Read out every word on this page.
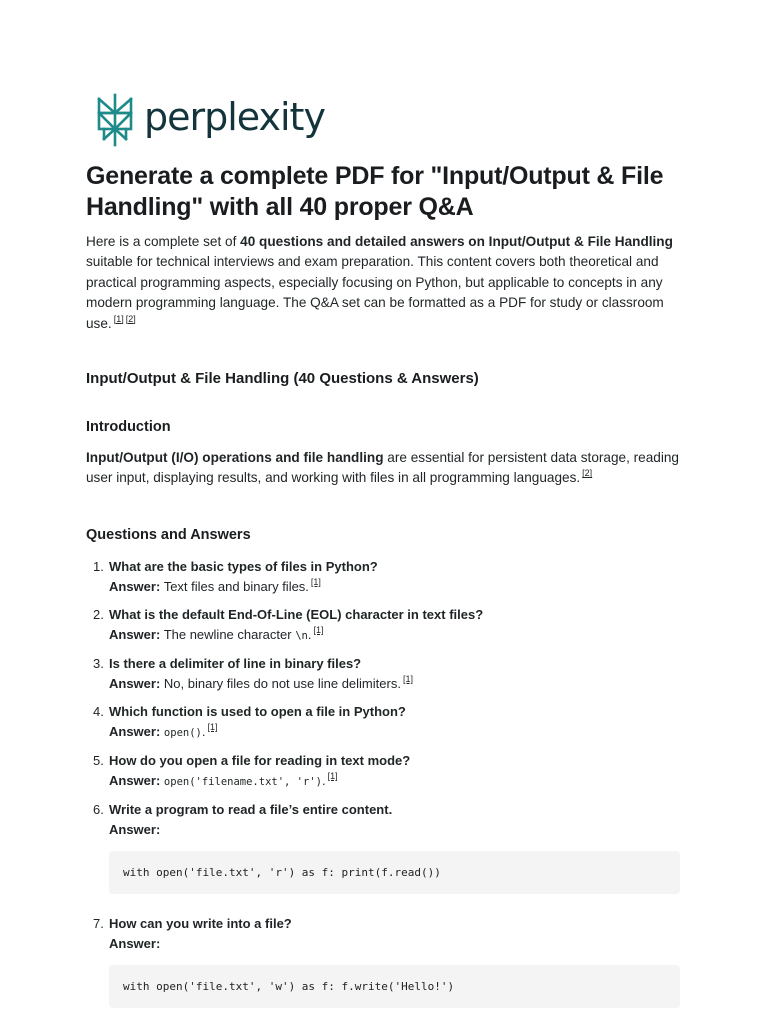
perplexity
Generate a complete PDF for "Input/Output & File Handling" with all 40 proper Q&A

Here is a complete set of 40 questions and detailed answers on Input/Output & File Handling suitable for technical interviews and exam preparation. This content covers both theoretical and practical programming aspects, especially focusing on Python, but applicable to concepts in any modern programming language. The Q&A set can be formatted as a PDF for study or classroom use. [1] [2]

Input/Output & File Handling (40 Questions & Answers)
Introduction

Input/Output (I/O) operations and file handling are essential for persistent data storage, reading user input, displaying results, and working with files in all programming languages. [2]

Questions and Answers
1. What are the basic types of files in Python?
Answer: Text files and binary files. [1]
2. What is the default End-Of-Line (EOL) character in text files?
Answer: The newline character \n. [1]
3. Is there a delimiter of line in binary files?
Answer: No, binary files do not use line delimiters. [1]
4. Which function is used to open a file in Python?
Answer: open(). [1]
5. How do you open a file for reading in text mode?
Answer: open('filename.txt', 'r'). [1]
6. Write a program to read a file’s entire content.
Answer:
with open('file.txt', 'r') as f: print(f.read())
7. How can you write into a file?
Answer:
with open('file.txt', 'w') as f: f.write('Hello!')
